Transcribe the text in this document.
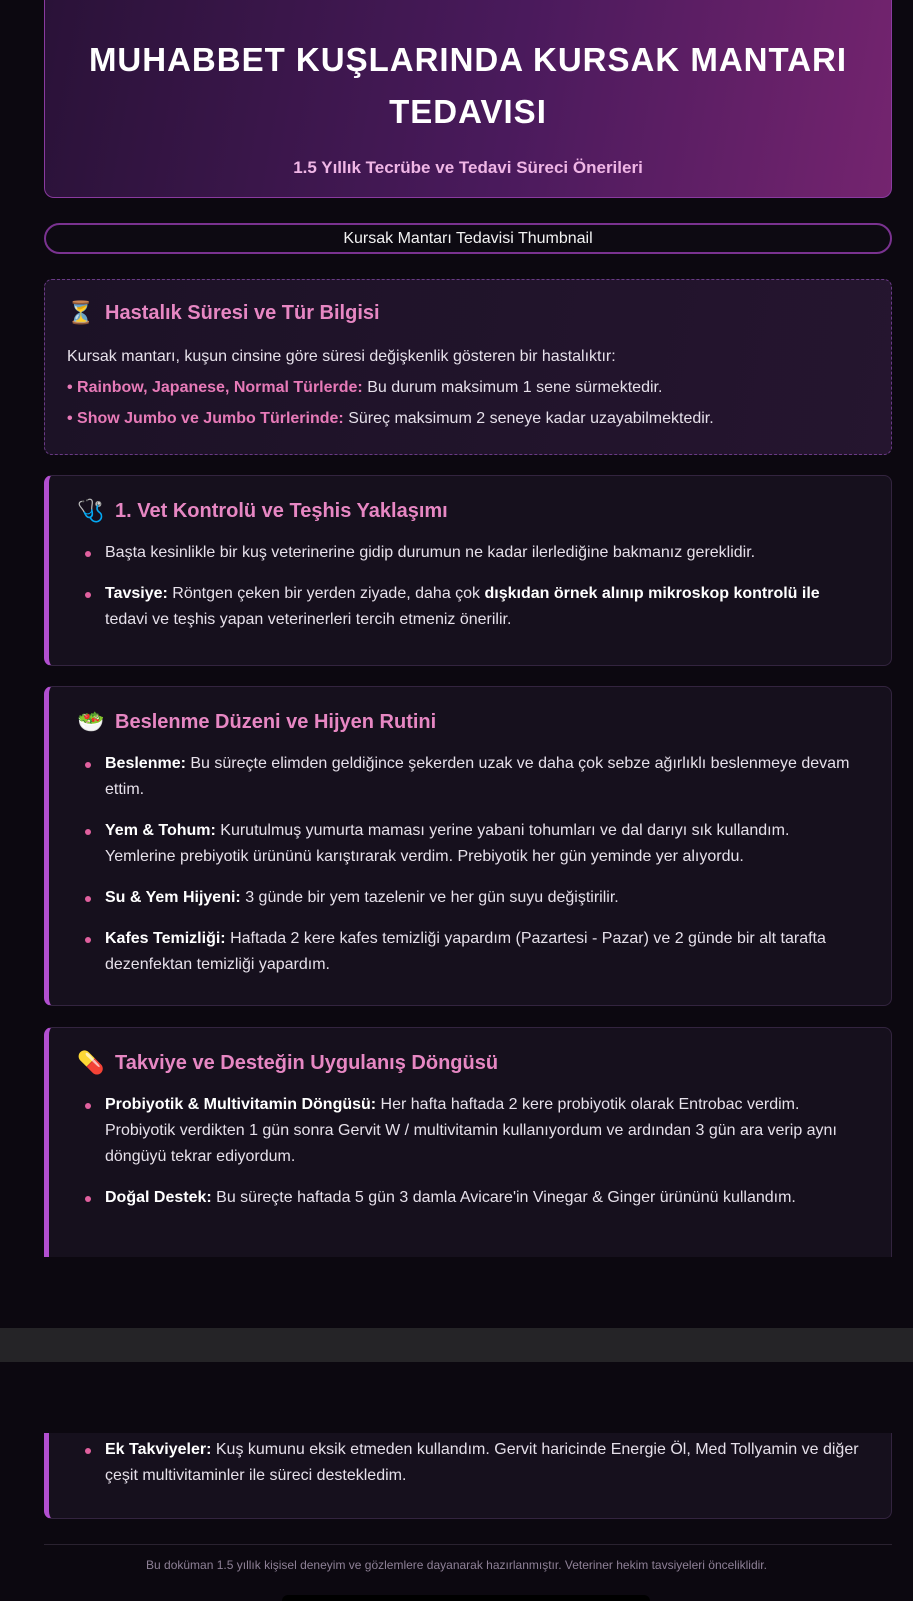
MUHABBET KUŞLARINDA KURSAK MANTARI TEDAVISI
1.5 Yıllık Tecrübe ve Tedavi Süreci Önerileri
Kursak Mantarı Tedavisi Thumbnail
⏳ Hastalık Süresi ve Tür Bilgisi

Kursak mantarı, kuşun cinsine göre süresi değişkenlik gösteren bir hastalıktır:

• Rainbow, Japanese, Normal Türlerde: Bu durum maksimum 1 sene sürmektedir.

• Show Jumbo ve Jumbo Türlerinde: Süreç maksimum 2 seneye kadar uzayabilmektedir.

🩺 1. Vet Kontrolü ve Teşhis Yaklaşımı
Başta kesinlikle bir kuş veterinerine gidip durumun ne kadar ilerlediğine bakmanız gereklidir.
Tavsiye: Röntgen çeken bir yerden ziyade, daha çok dışkıdan örnek alınıp mikroskop kontrolü ile tedavi ve teşhis yapan veterinerleri tercih etmeniz önerilir.
🥗 Beslenme Düzeni ve Hijyen Rutini
Beslenme: Bu süreçte elimden geldiğince şekerden uzak ve daha çok sebze ağırlıklı beslenmeye devam ettim.
Yem & Tohum: Kurutulmuş yumurta maması yerine yabani tohumları ve dal darıyı sık kullandım. Yemlerine prebiyotik ürününü karıştırarak verdim. Prebiyotik her gün yeminde yer alıyordu.
Su & Yem Hijyeni: 3 günde bir yem tazelenir ve her gün suyu değiştirilir.
Kafes Temizliği: Haftada 2 kere kafes temizliği yapardım (Pazartesi - Pazar) ve 2 günde bir alt tarafta dezenfektan temizliği yapardım.
💊 Takviye ve Desteğin Uygulanış Döngüsü
Probiyotik & Multivitamin Döngüsü: Her hafta haftada 2 kere probiyotik olarak Entrobac verdim. Probiyotik verdikten 1 gün sonra Gervit W / multivitamin kullanıyordum ve ardından 3 gün ara verip aynı döngüyü tekrar ediyordum.
Doğal Destek: Bu süreçte haftada 5 gün 3 damla Avicare'in Vinegar & Ginger ürününü kullandım.
Ek Takviyeler: Kuş kumunu eksik etmeden kullandım. Gervit haricinde Energie Öl, Med Tollyamin ve diğer çeşit multivitaminler ile süreci destekledim.
Bu doküman 1.5 yıllık kişisel deneyim ve gözlemlere dayanarak hazırlanmıştır. Veteriner hekim tavsiyeleri önceliklidir.
